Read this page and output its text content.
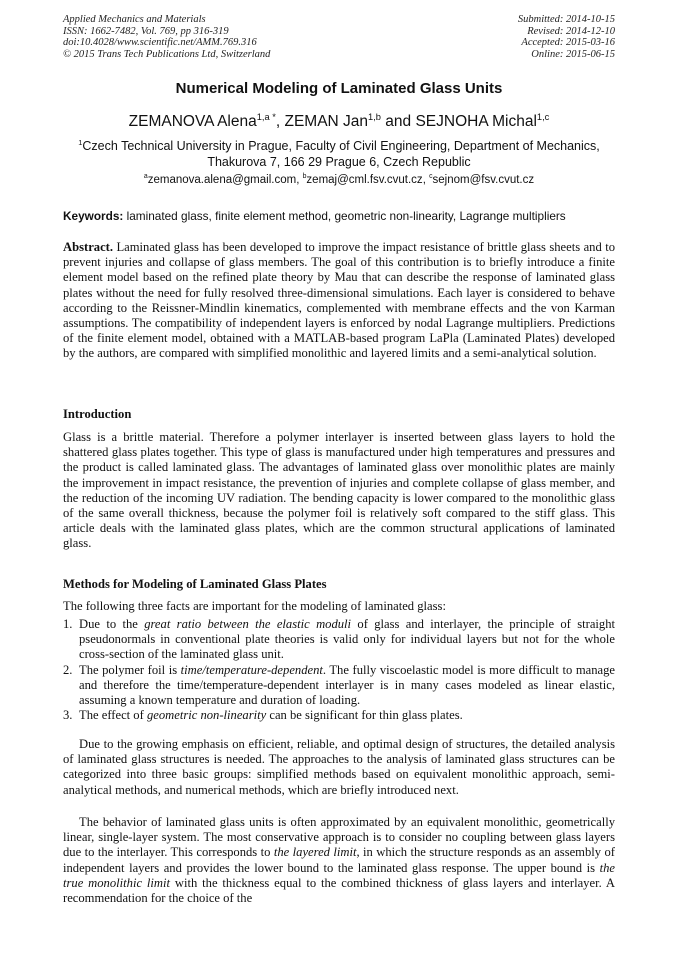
Applied Mechanics and Materials
ISSN: 1662-7482, Vol. 769, pp 316-319
doi:10.4028/www.scientific.net/AMM.769.316
© 2015 Trans Tech Publications Ltd, Switzerland
Submitted: 2014-10-15
Revised: 2014-12-10
Accepted: 2015-03-16
Online: 2015-06-15
Numerical Modeling of Laminated Glass Units
ZEMANOVA Alena$^{1,a *}$, ZEMAN Jan$^{1,b}$ and SEJNOHA Michal$^{1,c}$
$^1$Czech Technical University in Prague, Faculty of Civil Engineering, Department of Mechanics, Thakurova 7, 166 29 Prague 6, Czech Republic
$^a$zemanova.alena@gmail.com, $^b$zemaj@cml.fsv.cvut.cz, $^c$sejnom@fsv.cvut.cz
Keywords: laminated glass, finite element method, geometric non-linearity, Lagrange multipliers
Abstract. Laminated glass has been developed to improve the impact resistance of brittle glass sheets and to prevent injuries and collapse of glass members. The goal of this contribution is to briefly introduce a finite element model based on the refined plate theory by Mau that can describe the response of laminated glass plates without the need for fully resolved three-dimensional simulations. Each layer is considered to behave according to the Reissner-Mindlin kinematics, complemented with membrane effects and the von Karman assumptions. The compatibility of independent layers is enforced by nodal Lagrange multipliers. Predictions of the finite element model, obtained with a MATLAB-based program LaPla (Laminated Plates) developed by the authors, are compared with simplified monolithic and layered limits and a semi-analytical solution.
Introduction

Glass is a brittle material. Therefore a polymer interlayer is inserted between glass layers to hold the shattered glass plates together. This type of glass is manufactured under high temperatures and pressures and the product is called laminated glass. The advantages of laminated glass over monolithic plates are mainly the improvement in impact resistance, the prevention of injuries and complete collapse of glass member, and the reduction of the incoming UV radiation. The bending capacity is lower compared to the monolithic glass of the same overall thickness, because the polymer foil is relatively soft compared to the stiff glass. This article deals with the laminated glass plates, which are the common structural applications of laminated glass.

Methods for Modeling of Laminated Glass Plates

The following three facts are important for the modeling of laminated glass:

1. Due to the great ratio between the elastic moduli of glass and interlayer, the principle of straight pseudonormals in conventional plate theories is valid only for individual layers but not for the whole cross-section of the laminated glass unit.
2. The polymer foil is time/temperature-dependent. The fully viscoelastic model is more difficult to manage and therefore the time/temperature-dependent interlayer is in many cases modeled as linear elastic, assuming a known temperature and duration of loading.
3. The effect of geometric non-linearity can be significant for thin glass plates.

Due to the growing emphasis on efficient, reliable, and optimal design of structures, the detailed analysis of laminated glass structures is needed. The approaches to the analysis of laminated glass structures can be categorized into three basic groups: simplified methods based on equivalent monolithic approach, semi-analytical methods, and numerical methods, which are briefly introduced next.

The behavior of laminated glass units is often approximated by an equivalent monolithic, geometrically linear, single-layer system. The most conservative approach is to consider no coupling between glass layers due to the interlayer. This corresponds to the layered limit, in which the structure responds as an assembly of independent layers and provides the lower bound to the laminated glass response. The upper bound is the true monolithic limit with the thickness equal to the combined thickness of glass layers and interlayer. A recommendation for the choice of the
